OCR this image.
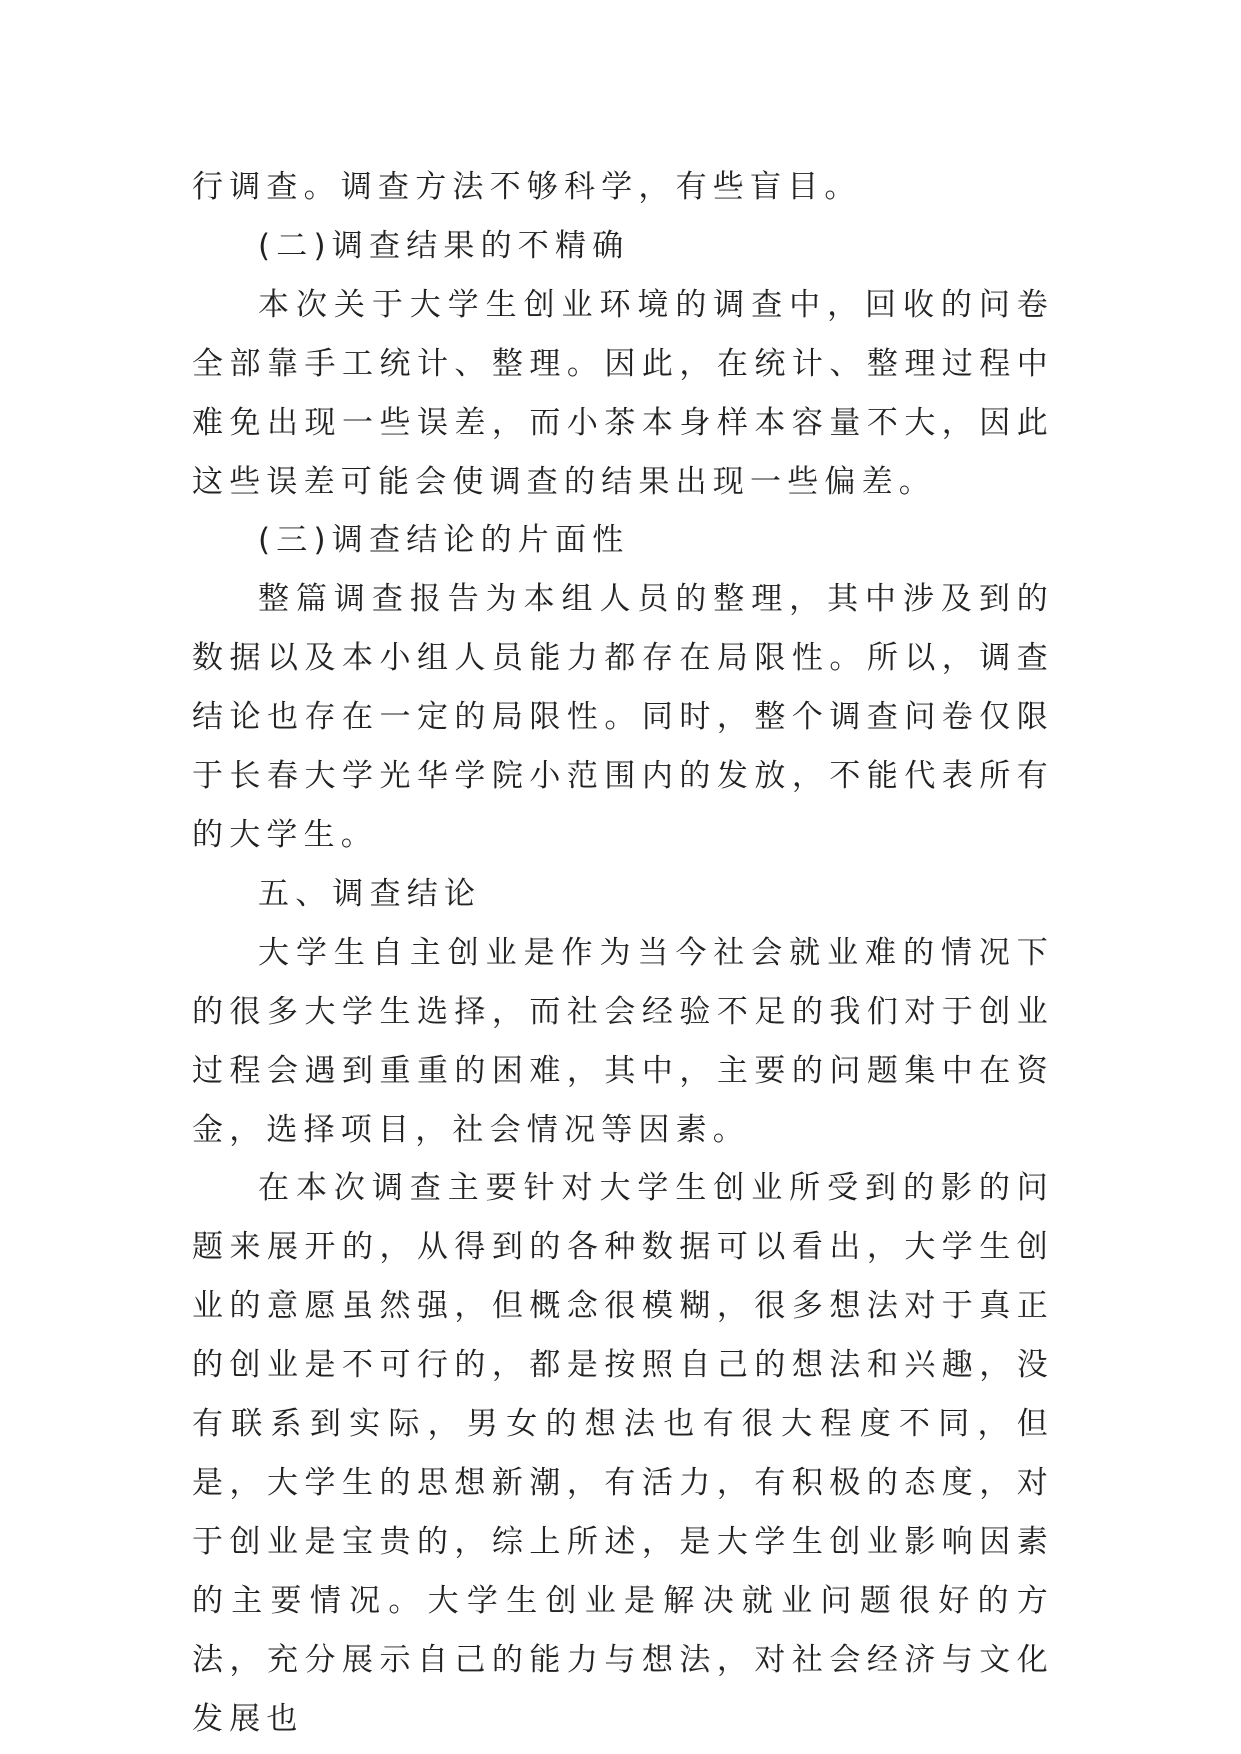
行调查。调查方法不够科学，有些盲目。

(二)调查结果的不精确

本次关于大学生创业环境的调查中，回收的问卷全部靠手工统计、整理。因此，在统计、整理过程中难免出现一些误差，而小茶本身样本容量不大，因此这些误差可能会使调查的结果出现一些偏差。

(三)调查结论的片面性

整篇调查报告为本组人员的整理，其中涉及到的数据以及本小组人员能力都存在局限性。所以，调查结论也存在一定的局限性。同时，整个调查问卷仅限于长春大学光华学院小范围内的发放，不能代表所有的大学生。

五、调查结论

大学生自主创业是作为当今社会就业难的情况下的很多大学生选择，而社会经验不足的我们对于创业过程会遇到重重的困难，其中，主要的问题集中在资金，选择项目，社会情况等因素。

在本次调查主要针对大学生创业所受到的影的问题来展开的，从得到的各种数据可以看出，大学生创业的意愿虽然强，但概念很模糊，很多想法对于真正的创业是不可行的，都是按照自己的想法和兴趣，没有联系到实际，男女的想法也有很大程度不同，但是，大学生的思想新潮，有活力，有积极的态度，对于创业是宝贵的，综上所述，是大学生创业影响因素的主要情况。大学生创业是解决就业问题很好的方法，充分展示自己的能力与想法，对社会经济与文化发展也
